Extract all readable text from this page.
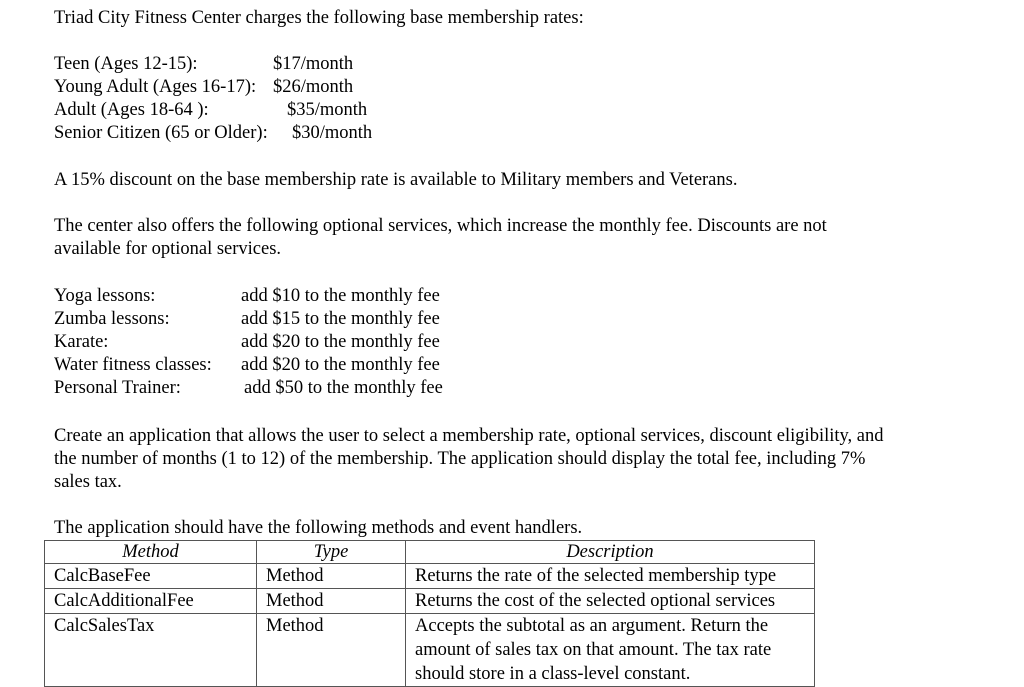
Triad City Fitness Center charges the following base membership rates:
Teen (Ages 12-15):	$17/month
Young Adult (Ages 16-17): $26/month
Adult (Ages 18-64 ):	$35/month
Senior Citizen (65 or Older): $30/month
A 15% discount on the base membership rate is available to Military members and Veterans.
The center also offers the following optional services, which increase the monthly fee. Discounts are not
available for optional services.
Yoga lessons:	add $10 to the monthly fee
Zumba lessons:	add $15 to the monthly fee
Karate:	add $20 to the monthly fee
Water fitness classes: add $20 to the monthly fee
Personal Trainer:	add $50 to the monthly fee
Create an application that allows the user to select a membership rate, optional services, discount eligibility, and
the number of months (1 to 12) of the membership. The application should display the total fee, including 7%
sales tax.
The application should have the following methods and event handlers.
Method	Type	Description
CalcBaseFee	Method	Returns the rate of the selected membership type
CalcAdditionalFee	Method	Returns the cost of the selected optional services
CalcSalesTax	Method	Accepts the subtotal as an argument. Return the amount of sales tax on that amount. The tax rate should store in a class-level constant.
